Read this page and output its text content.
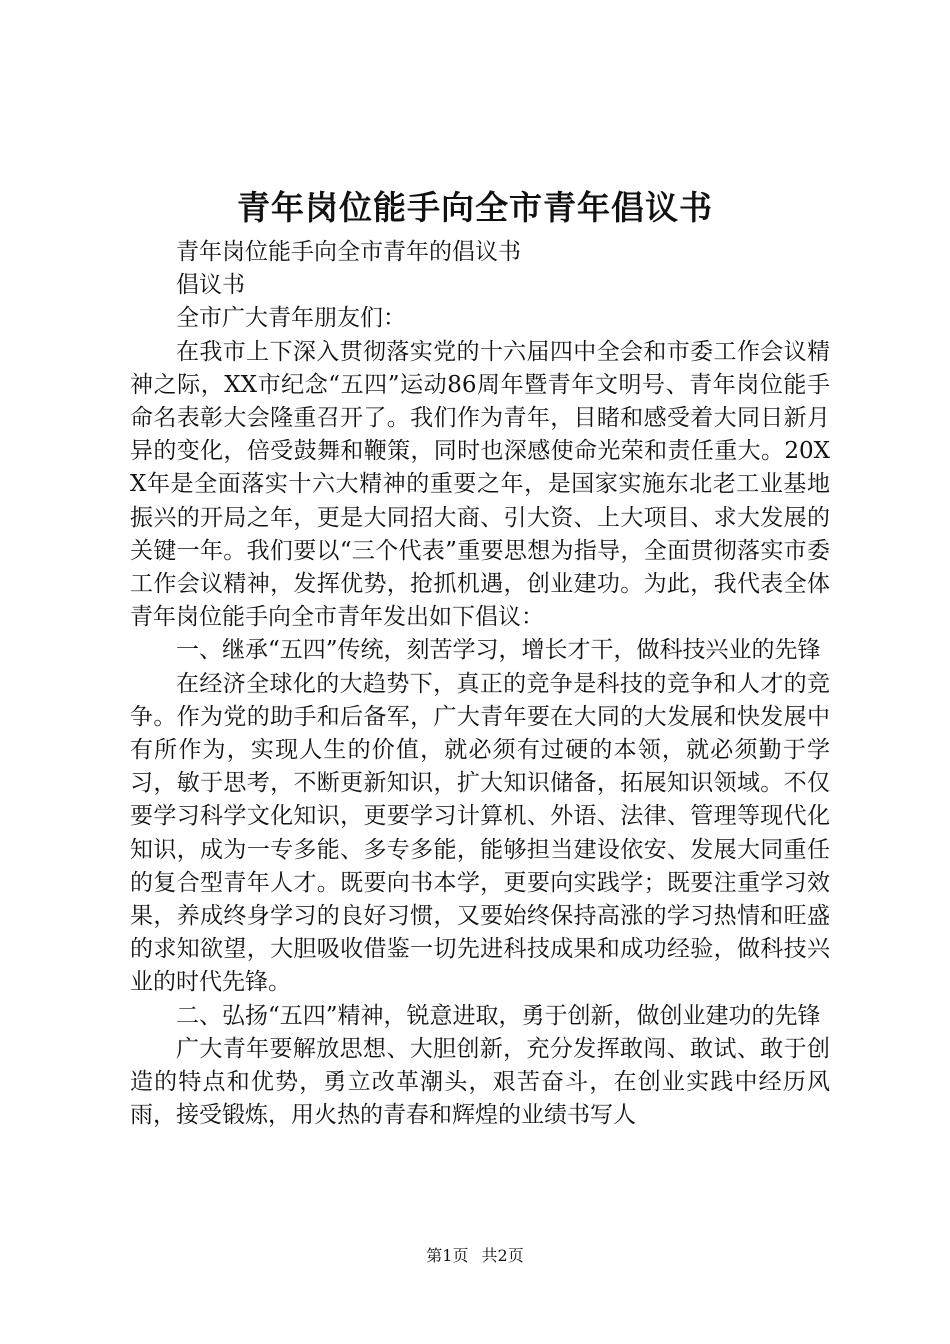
青年岗位能手向全市青年倡议书

青年岗位能手向全市青年的倡议书

倡议书

全市广大青年朋友们：

在我市上下深入贯彻落实党的十六届四中全会和市委工作会议精神之际，XX市纪念“五四”运动86周年暨青年文明号、青年岗位能手命名表彰大会隆重召开了。我们作为青年，目睹和感受着大同日新月异的变化，倍受鼓舞和鞭策，同时也深感使命光荣和责任重大。20XX年是全面落实十六大精神的重要之年，是国家实施东北老工业基地振兴的开局之年，更是大同招大商、引大资、上大项目、求大发展的关键一年。我们要以“三个代表”重要思想为指导，全面贯彻落实市委工作会议精神，发挥优势，抢抓机遇，创业建功。为此，我代表全体青年岗位能手向全市青年发出如下倡议：

一、继承“五四”传统，刻苦学习，增长才干，做科技兴业的先锋

在经济全球化的大趋势下，真正的竞争是科技的竞争和人才的竞争。作为党的助手和后备军，广大青年要在大同的大发展和快发展中有所作为，实现人生的价值，就必须有过硬的本领，就必须勤于学习，敏于思考，不断更新知识，扩大知识储备，拓展知识领域。不仅要学习科学文化知识，更要学习计算机、外语、法律、管理等现代化知识，成为一专多能、多专多能，能够担当建设依安、发展大同重任的复合型青年人才。既要向书本学，更要向实践学；既要注重学习效果，养成终身学习的良好习惯，又要始终保持高涨的学习热情和旺盛的求知欲望，大胆吸收借鉴一切先进科技成果和成功经验，做科技兴业的时代先锋。

二、弘扬“五四”精神，锐意进取，勇于创新，做创业建功的先锋

广大青年要解放思想、大胆创新，充分发挥敢闯、敢试、敢于创造的特点和优势，勇立改革潮头，艰苦奋斗，在创业实践中经历风雨，接受锻炼，用火热的青春和辉煌的业绩书写人

第1页 共2页
